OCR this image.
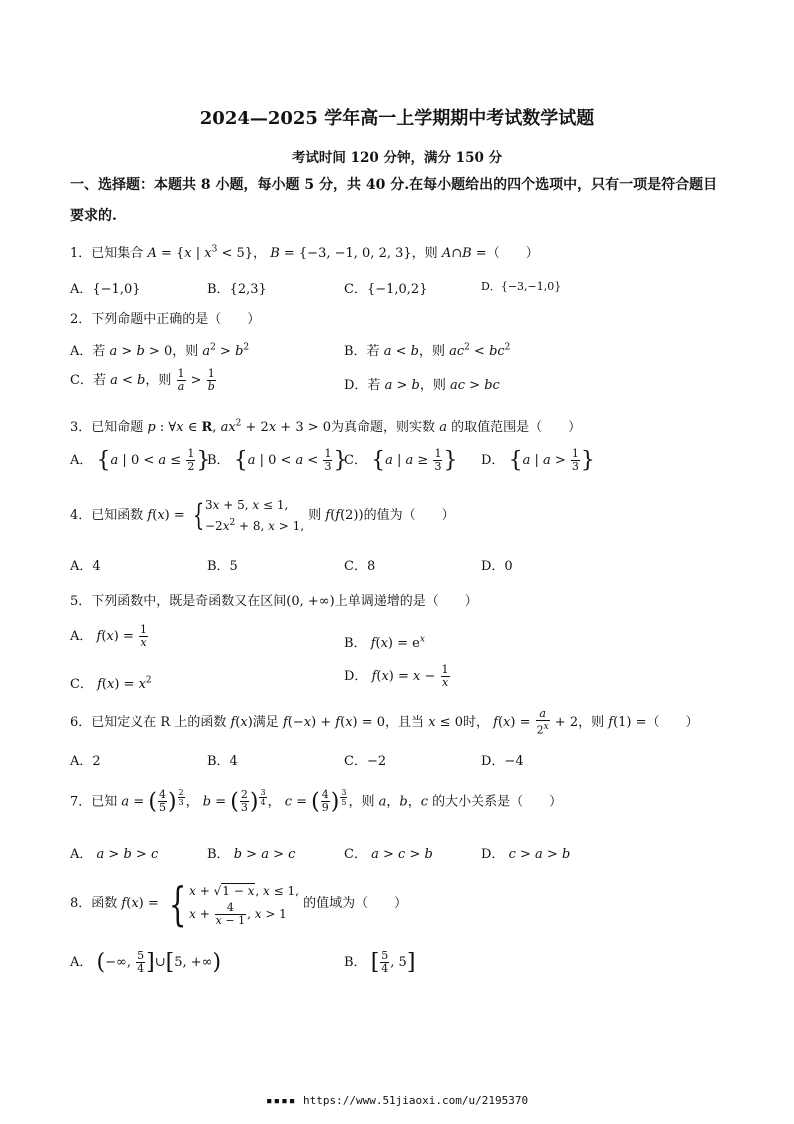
2024—2025 学年高一上学期期中考试数学试题
考试时间 120 分钟，满分 150 分
一、选择题：本题共 8 小题，每小题 5 分，共 40 分.在每小题给出的四个选项中，只有一项是符合题目要求的.
1．已知集合 A = {x | $x^3 < 5$}， B = {−3, −1, 0, 2, 3}，则 A∩B =（　　）
A．{−1,0}	B．{2,3}	C．{−1,0,2}	D．{−3,−1,0}
2．下列命题中正确的是（　　）
A．若 a > b > 0，则 $a^2 > b^2$	B．若 a < b，则 $ac^2 < bc^2$
C．若 a < b，则 $\frac{1}{a} > \frac{1}{b}$	D．若 a > b，则 ac > bc
3．已知命题 p : ∀x ∈ R, $ax^2 + 2x + 3 > 0$为真命题，则实数 a 的取值范围是（　　）
A． {a | $0 < a \le \frac{1}{2}$ }
B． {a | $0 < a < \frac{1}{3}$ }
C． {a | $a \ge \frac{1}{3}$ } D． {a | $a > \frac{1}{3}$ }
4．已知函数 f(x) = {3x + 5, x ≤ 1,
$-2x^2 + 8$, x > 1, 则 f(f(2))的值为（　　）
A．4	B．5	C．8	D．0
5．下列函数中，既是奇函数又在区间(0, +∞)上单调递增的是（　　）
A． $f(x) = \frac{1}{x}$	B． $f(x) = e^x$
C． $f(x) = x^2$	D． $f(x) = x - \frac{1}{x}$
6．已知定义在 R 上的函数 f(x)满足 f(−x) + f(x) = 0，且当 x ≤ 0时， $f(x) = \frac{a}{2^x} + 2$，则 f(1) =（　　）
A．2	B．4	C．−2	D．−4
7．已知 a = ( $\frac{4}{5}$ ) $^{\frac{2}{3}}$ ， b = ( $\frac{2}{3}$ ) $^{\frac{3}{4}}$ ， c = ( $\frac{4}{9}$ ) $^{\frac{3}{5}}$ ，则 a，b，c 的大小关系是（　　）
A． a > b > c	B． b > a > c	C． a > c > b	D． c > a > b
8．函数 f(x) = { x + √1 − x, x ≤ 1,
$x + \frac{4}{x - 1}$ , x > 1 的值域为（　　）
A． (−∞, $\frac{5}{4}$ ]∪[5, +∞)	B． [ $\frac{5}{4}$ , 5]
▪▪▪▪ https://www.51jiaoxi.com/u/2195370
